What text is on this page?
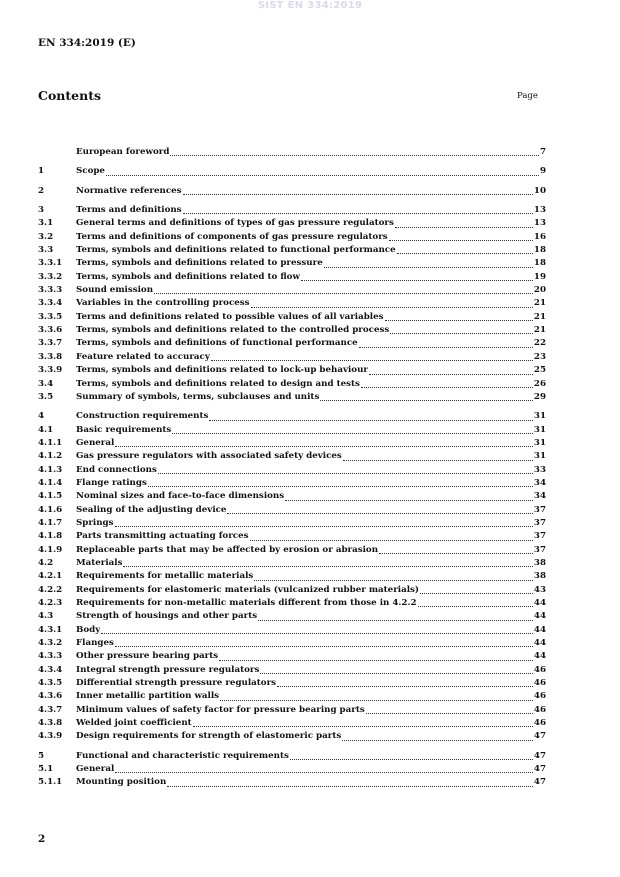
SIST EN 334:2019
EN 334:2019 (E)
Contents	Page
European foreword	7
1	Scope	9
2	Normative references	10
3	Terms and definitions	13
3.1	General terms and definitions of types of gas pressure regulators	13
3.2	Terms and definitions of components of gas pressure regulators	16
3.3	Terms, symbols and definitions related to functional performance	18
3.3.1	Terms, symbols and definitions related to pressure	18
3.3.2	Terms, symbols and definitions related to flow	19
3.3.3	Sound emission	20
3.3.4	Variables in the controlling process	21
3.3.5	Terms and definitions related to possible values of all variables	21
3.3.6	Terms, symbols and definitions related to the controlled process	21
3.3.7	Terms, symbols and definitions of functional performance	22
3.3.8	Feature related to accuracy	23
3.3.9	Terms, symbols and definitions related to lock-up behaviour	25
3.4	Terms, symbols and definitions related to design and tests	26
3.5	Summary of symbols, terms, subclauses and units	29
4	Construction requirements	31
4.1	Basic requirements	31
4.1.1	General	31
4.1.2	Gas pressure regulators with associated safety devices	31
4.1.3	End connections	33
4.1.4	Flange ratings	34
4.1.5	Nominal sizes and face-to-face dimensions	34
4.1.6	Sealing of the adjusting device	37
4.1.7	Springs	37
4.1.8	Parts transmitting actuating forces	37
4.1.9	Replaceable parts that may be affected by erosion or abrasion	37
4.2	Materials	38
4.2.1	Requirements for metallic materials	38
4.2.2	Requirements for elastomeric materials (vulcanized rubber materials)	43
4.2.3	Requirements for non-metallic materials different from those in 4.2.2	44
4.3	Strength of housings and other parts	44
4.3.1	Body	44
4.3.2	Flanges	44
4.3.3	Other pressure bearing parts	44
4.3.4	Integral strength pressure regulators	46
4.3.5	Differential strength pressure regulators	46
4.3.6	Inner metallic partition walls	46
4.3.7	Minimum values of safety factor for pressure bearing parts	46
4.3.8	Welded joint coefficient	46
4.3.9	Design requirements for strength of elastomeric parts	47
5	Functional and characteristic requirements	47
5.1	General	47
5.1.1	Mounting position	47
2
